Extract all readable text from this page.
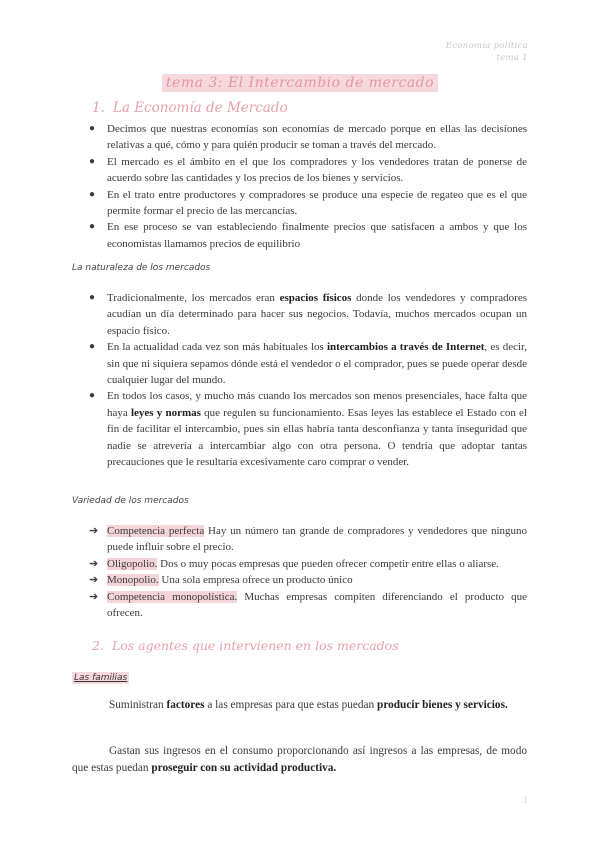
Economía política
tema 1
tema 3: El Intercambio de mercado
1. La Economía de Mercado
● Decimos que nuestras economías son economías de mercado porque en ellas las decisiones relativas a qué, cómo y para quién producir se toman a través del mercado.
● El mercado es el ámbito en el que los compradores y los vendedores tratan de ponerse de acuerdo sobre las cantidades y los precios de los bienes y servicios.
● En el trato entre productores y compradores se produce una especie de regateo que es el que permite formar el precio de las mercancías.
● En ese proceso se van estableciendo finalmente precios que satisfacen a ambos y que los economistas llamamos precios de equilibrio
La naturaleza de los mercados
● Tradicionalmente, los mercados eran espacios físicos donde los vendedores y compradores acudían un día determinado para hacer sus negocios. Todavía, muchos mercados ocupan un espacio físico.
● En la actualidad cada vez son más habituales los intercambios a través de Internet, es decir, sin que ni siquiera sepamos dónde está el vendedor o el comprador, pues se puede operar desde cualquier lugar del mundo.
● En todos los casos, y mucho más cuando los mercados son menos presenciales, hace falta que haya leyes y normas que regulen su funcionamiento. Esas leyes las establece el Estado con el fin de facilitar el intercambio, pues sin ellas habría tanta desconfianza y tanta inseguridad que nadie se atrevería a intercambiar algo con otra persona. O tendría que adoptar tantas precauciones que le resultaría excesivamente caro comprar o vender.
Variedad de los mercados
➔ Competencia perfecta Hay un número tan grande de compradores y vendedores que ninguno puede influir sobre el precio.
➔ Oligopolio. Dos o muy pocas empresas que pueden ofrecer competir entre ellas o aliarse.
➔ Monopolio. Una sola empresa ofrece un producto único
➔ Competencia monopolística. Muchas empresas compiten diferenciando el producto que ofrecen.
2. Los agentes que intervienen en los mercados
Las familias

Suministran factores a las empresas para que estas puedan producir bienes y servicios.

Gastan sus ingresos en el consumo proporcionando así ingresos a las empresas, de modo que estas puedan proseguir con su actividad productiva.

1
